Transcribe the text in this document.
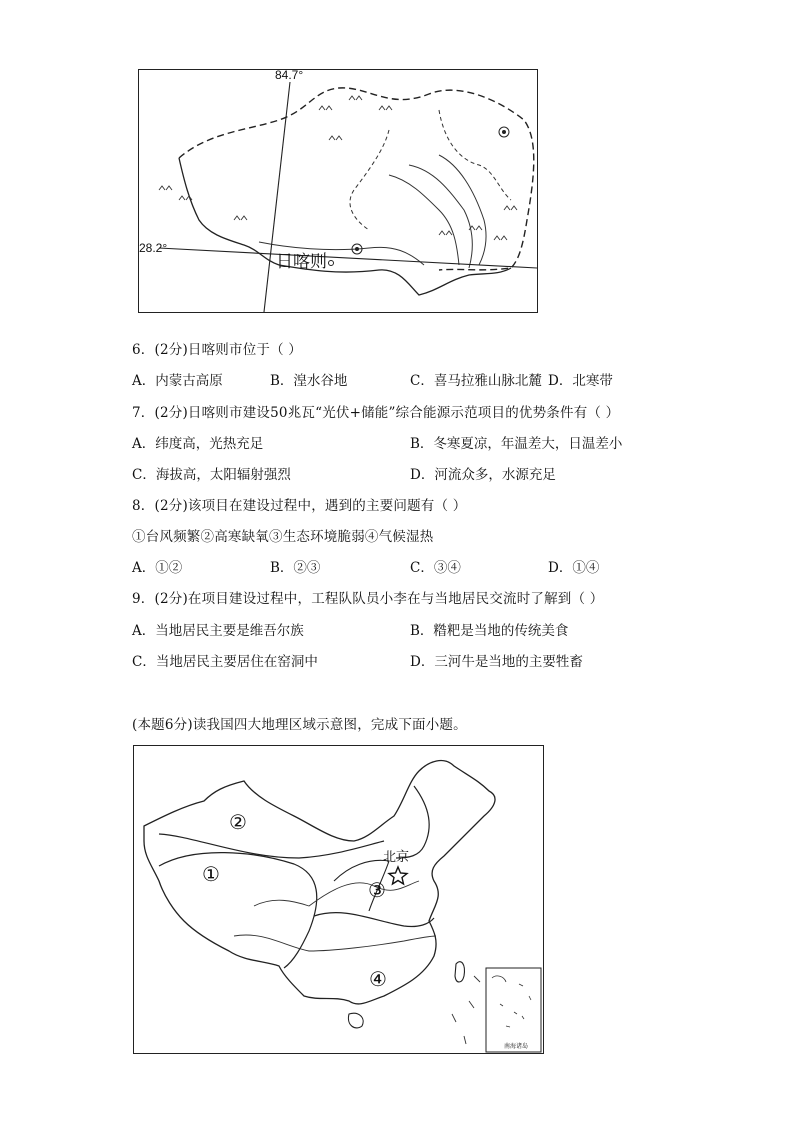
84.7°
28.2°
日喀则
6．(2分)日喀则市位于（ ）
A．内蒙古高原	B．湟水谷地	C．喜马拉雅山脉北麓 D．北寒带
7．(2分)日喀则市建设50兆瓦“光伏+储能”综合能源示范项目的优势条件有（ ）
A．纬度高，光热充足	B．冬寒夏凉，年温差大，日温差小
C．海拔高，太阳辐射强烈	D．河流众多，水源充足
8．(2分)该项目在建设过程中，遇到的主要问题有（ ）
①台风频繁②高寒缺氧③生态环境脆弱④气候湿热
A．①②	B．②③	C．③④	D．①④
9．(2分)在项目建设过程中，工程队队员小李在与当地居民交流时了解到（ ）
A．当地居民主要是维吾尔族	B．糌粑是当地的传统美食
C．当地居民主要居住在窑洞中	D．三河牛是当地的主要牲畜
(本题6分)读我国四大地理区域示意图，完成下面小题。
北京
①
②
③
④
南海诸岛
